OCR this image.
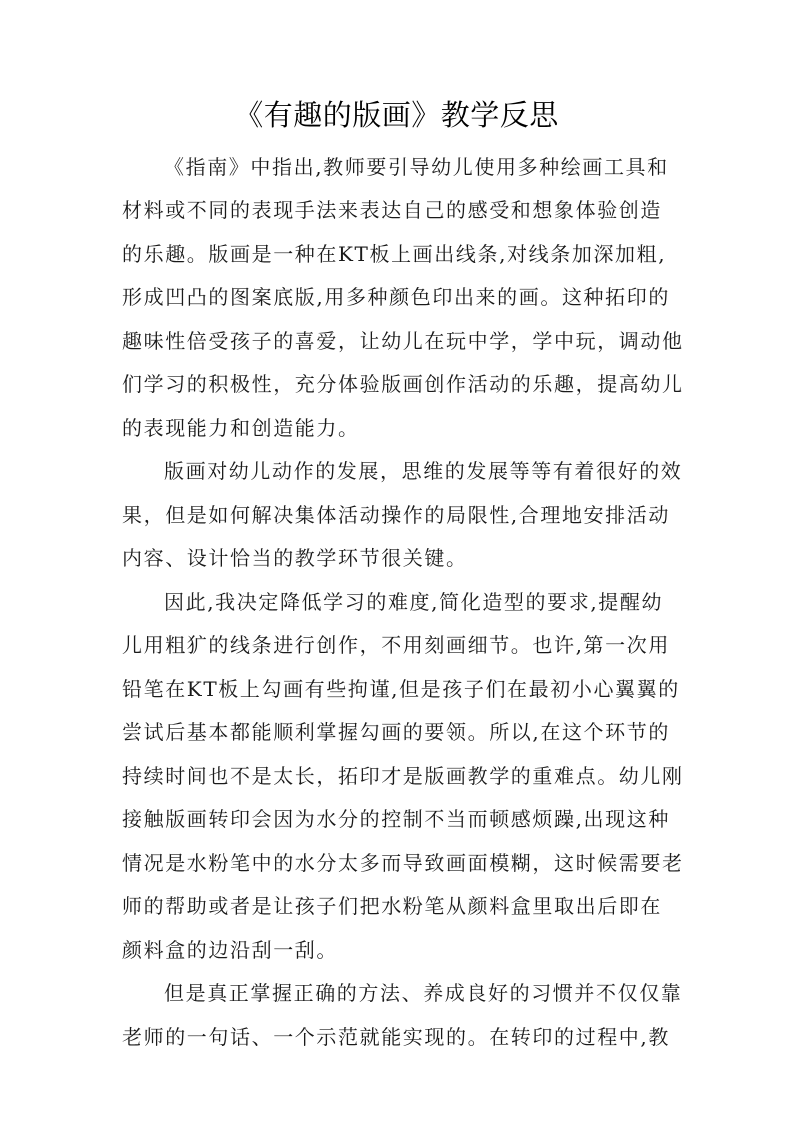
《有趣的版画》教学反思
《指南》中指出,教师要引导幼儿使用多种绘画工具和
材料或不同的表现手法来表达自己的感受和想象体验创造
的乐趣。版画是一种在KT板上画出线条,对线条加深加粗,
形成凹凸的图案底版,用多种颜色印出来的画。这种拓印的
趣味性倍受孩子的喜爱，让幼儿在玩中学，学中玩，调动他
们学习的积极性，充分体验版画创作活动的乐趣，提高幼儿
的表现能力和创造能力。
版画对幼儿动作的发展，思维的发展等等有着很好的效
果，但是如何解决集体活动操作的局限性,合理地安排活动
内容、设计恰当的教学环节很关键。
因此,我决定降低学习的难度,简化造型的要求,提醒幼
儿用粗犷的线条进行创作，不用刻画细节。也许,第一次用
铅笔在KT板上勾画有些拘谨,但是孩子们在最初小心翼翼的
尝试后基本都能顺利掌握勾画的要领。所以,在这个环节的
持续时间也不是太长，拓印才是版画教学的重难点。幼儿刚
接触版画转印会因为水分的控制不当而顿感烦躁,出现这种
情况是水粉笔中的水分太多而导致画面模糊，这时候需要老
师的帮助或者是让孩子们把水粉笔从颜料盒里取出后即在
颜料盒的边沿刮一刮。
但是真正掌握正确的方法、养成良好的习惯并不仅仅靠
老师的一句话、一个示范就能实现的。在转印的过程中,教
